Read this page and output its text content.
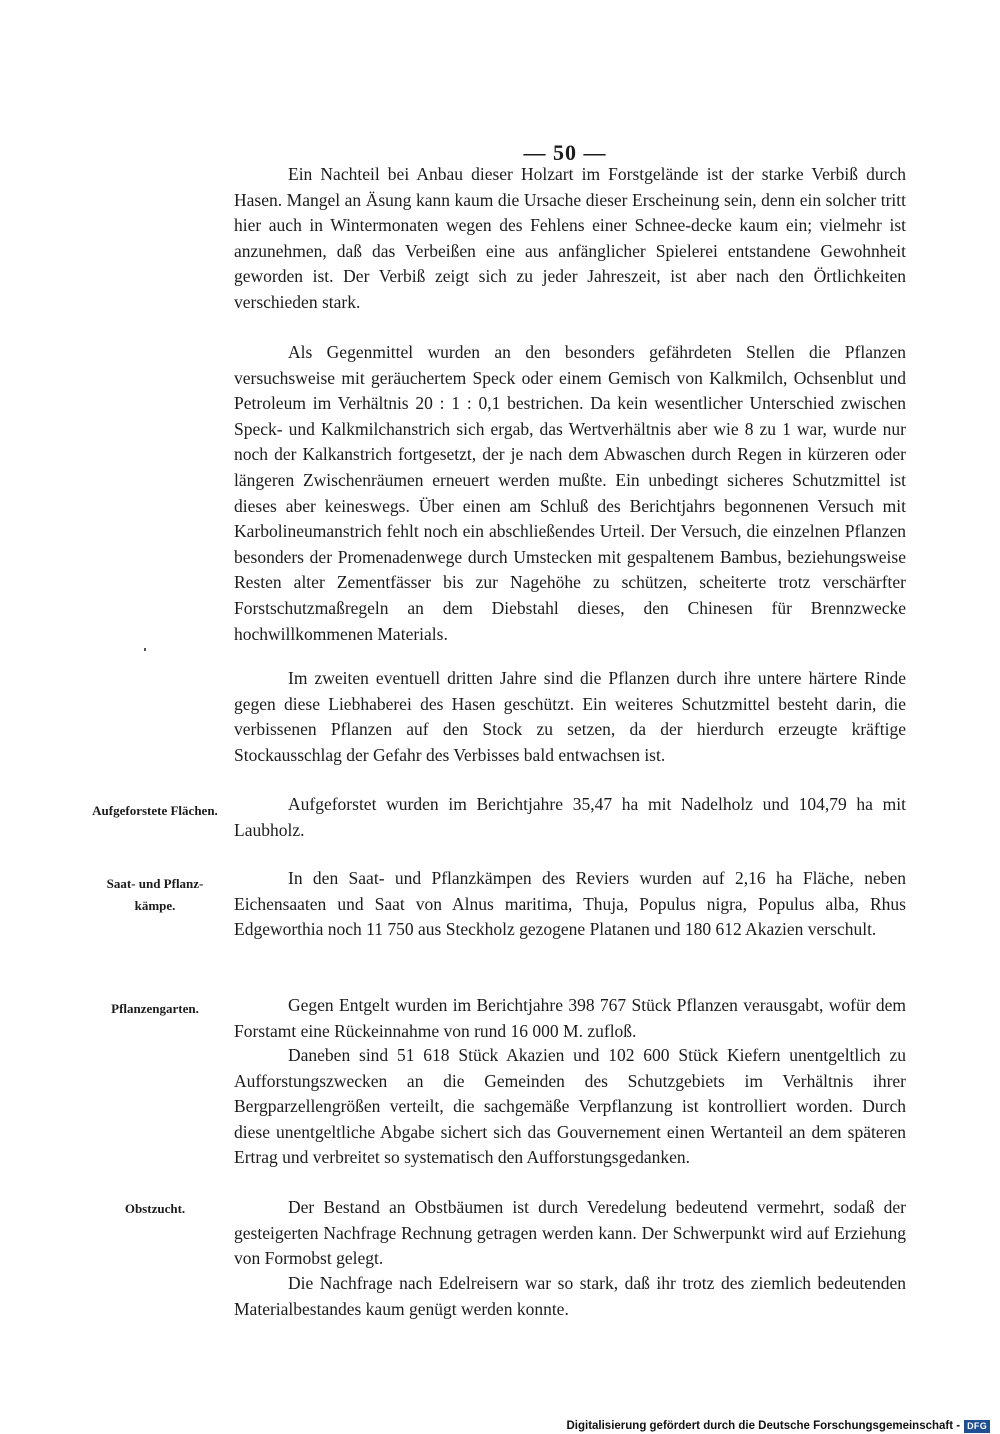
— 50 —

Ein Nachteil bei Anbau dieser Holzart im Forstgelände ist der starke Verbiß durch Hasen. Mangel an Äsung kann kaum die Ursache dieser Erscheinung sein, denn ein solcher tritt hier auch in Wintermonaten wegen des Fehlens einer Schnee-decke kaum ein; vielmehr ist anzunehmen, daß das Verbeißen eine aus anfänglicher Spielerei entstandene Gewohnheit geworden ist. Der Verbiß zeigt sich zu jeder Jahreszeit, ist aber nach den Örtlichkeiten verschieden stark.

Als Gegenmittel wurden an den besonders gefährdeten Stellen die Pflanzen versuchsweise mit geräuchertem Speck oder einem Gemisch von Kalkmilch, Ochsenblut und Petroleum im Verhältnis 20 : 1 : 0,1 bestrichen. Da kein wesentlicher Unterschied zwischen Speck- und Kalkmilchanstrich sich ergab, das Wertverhältnis aber wie 8 zu 1 war, wurde nur noch der Kalkanstrich fortgesetzt, der je nach dem Abwaschen durch Regen in kürzeren oder längeren Zwischenräumen erneuert werden mußte. Ein unbedingt sicheres Schutzmittel ist dieses aber keineswegs. Über einen am Schluß des Berichtjahrs begonnenen Versuch mit Karbolineumanstrich fehlt noch ein abschließendes Urteil. Der Versuch, die einzelnen Pflanzen besonders der Promenadenwege durch Umstecken mit gespaltenem Bambus, beziehungsweise Resten alter Zementfässer bis zur Nagehöhe zu schützen, scheiterte trotz verschärfter Forstschutzmaßregeln an dem Diebstahl dieses, den Chinesen für Brennzwecke hochwillkommenen Materials.

Im zweiten eventuell dritten Jahre sind die Pflanzen durch ihre untere härtere Rinde gegen diese Liebhaberei des Hasen geschützt. Ein weiteres Schutzmittel besteht darin, die verbissenen Pflanzen auf den Stock zu setzen, da der hierdurch erzeugte kräftige Stockausschlag der Gefahr des Verbisses bald entwachsen ist.

Aufgeforstete Flächen.	Aufgeforstet wurden im Berichtjahre 35,47 ha mit Nadelholz und 104,79 ha mit Laubholz.

Saat- und Pflanz-kämpe.

In den Saat- und Pflanzkämpen des Reviers wurden auf 2,16 ha Fläche, neben Eichensaaten und Saat von Alnus maritima, Thuja, Populus nigra, Populus alba, Rhus Edgeworthia noch 11 750 aus Steckholz gezogene Platanen und 180 612 Akazien verschult.

Pflanzengarten.	Gegen Entgelt wurden im Berichtjahre 398 767 Stück Pflanzen verausgabt, wofür dem Forstamt eine Rückeinnahme von rund 16 000 M. zufloß.

Daneben sind 51 618 Stück Akazien und 102 600 Stück Kiefern unentgeltlich zu Aufforstungszwecken an die Gemeinden des Schutzgebiets im Verhältnis ihrer Bergparzellengrößen verteilt, die sachgemäße Verpflanzung ist kontrolliert worden. Durch diese unentgeltliche Abgabe sichert sich das Gouvernement einen Wertanteil an dem späteren Ertrag und verbreitet so systematisch den Aufforstungsgedanken.

Obstzucht.	Der Bestand an Obstbäumen ist durch Veredelung bedeutend vermehrt, sodaß der gesteigerten Nachfrage Rechnung getragen werden kann. Der Schwerpunkt wird auf Erziehung von Formobst gelegt.

Die Nachfrage nach Edelreisern war so stark, daß ihr trotz des ziemlich bedeutenden Materialbestandes kaum genügt werden konnte.

Digitalisierung gefördert durch die Deutsche Forschungsgemeinschaft - DFG
